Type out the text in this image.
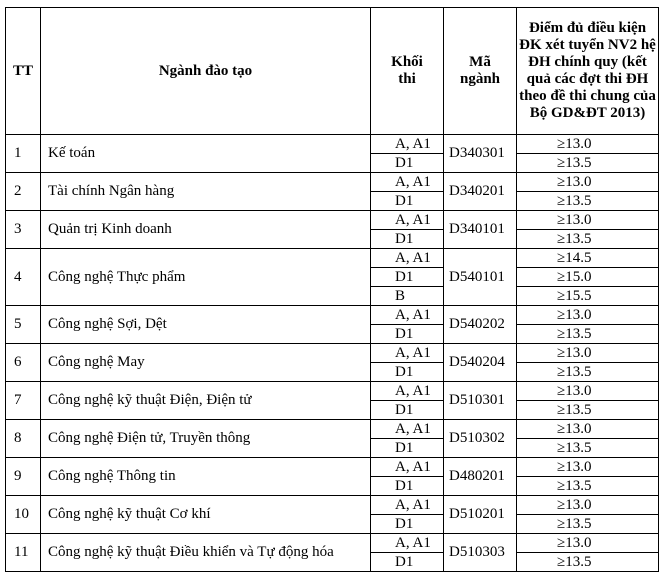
TT	Ngành đào tạo	Khối thi	Mã ngành	Điểm đủ điều kiện ĐK xét tuyển NV2 hệ ĐH chính quy (kết quả các đợt thi ĐH theo đề thi chung của Bộ GD&ĐT 2013)
1	Kế toán	A, A1	D340301	≥13.0
		D1		≥13.5
2	Tài chính Ngân hàng	A, A1	D340201	≥13.0
		D1		≥13.5
3	Quản trị Kinh doanh	A, A1	D340101	≥13.0
		D1		≥13.5
4	Công nghệ Thực phẩm	A, A1	D540101	≥14.5
		D1		≥15.0
		B		≥15.5
5	Công nghệ Sợi, Dệt	A, A1	D540202	≥13.0
		D1		≥13.5
6	Công nghệ May	A, A1	D540204	≥13.0
		D1		≥13.5
7	Công nghệ kỹ thuật Điện, Điện tử	A, A1	D510301	≥13.0
		D1		≥13.5
8	Công nghệ Điện tử, Truyền thông	A, A1	D510302	≥13.0
		D1		≥13.5
9	Công nghệ Thông tin	A, A1	D480201	≥13.0
		D1		≥13.5
10	Công nghệ kỹ thuật Cơ khí	A, A1	D510201	≥13.0
		D1		≥13.5
11	Công nghệ kỹ thuật Điều khiển và Tự động hóa	A, A1	D510303	≥13.0
		D1		≥13.5
